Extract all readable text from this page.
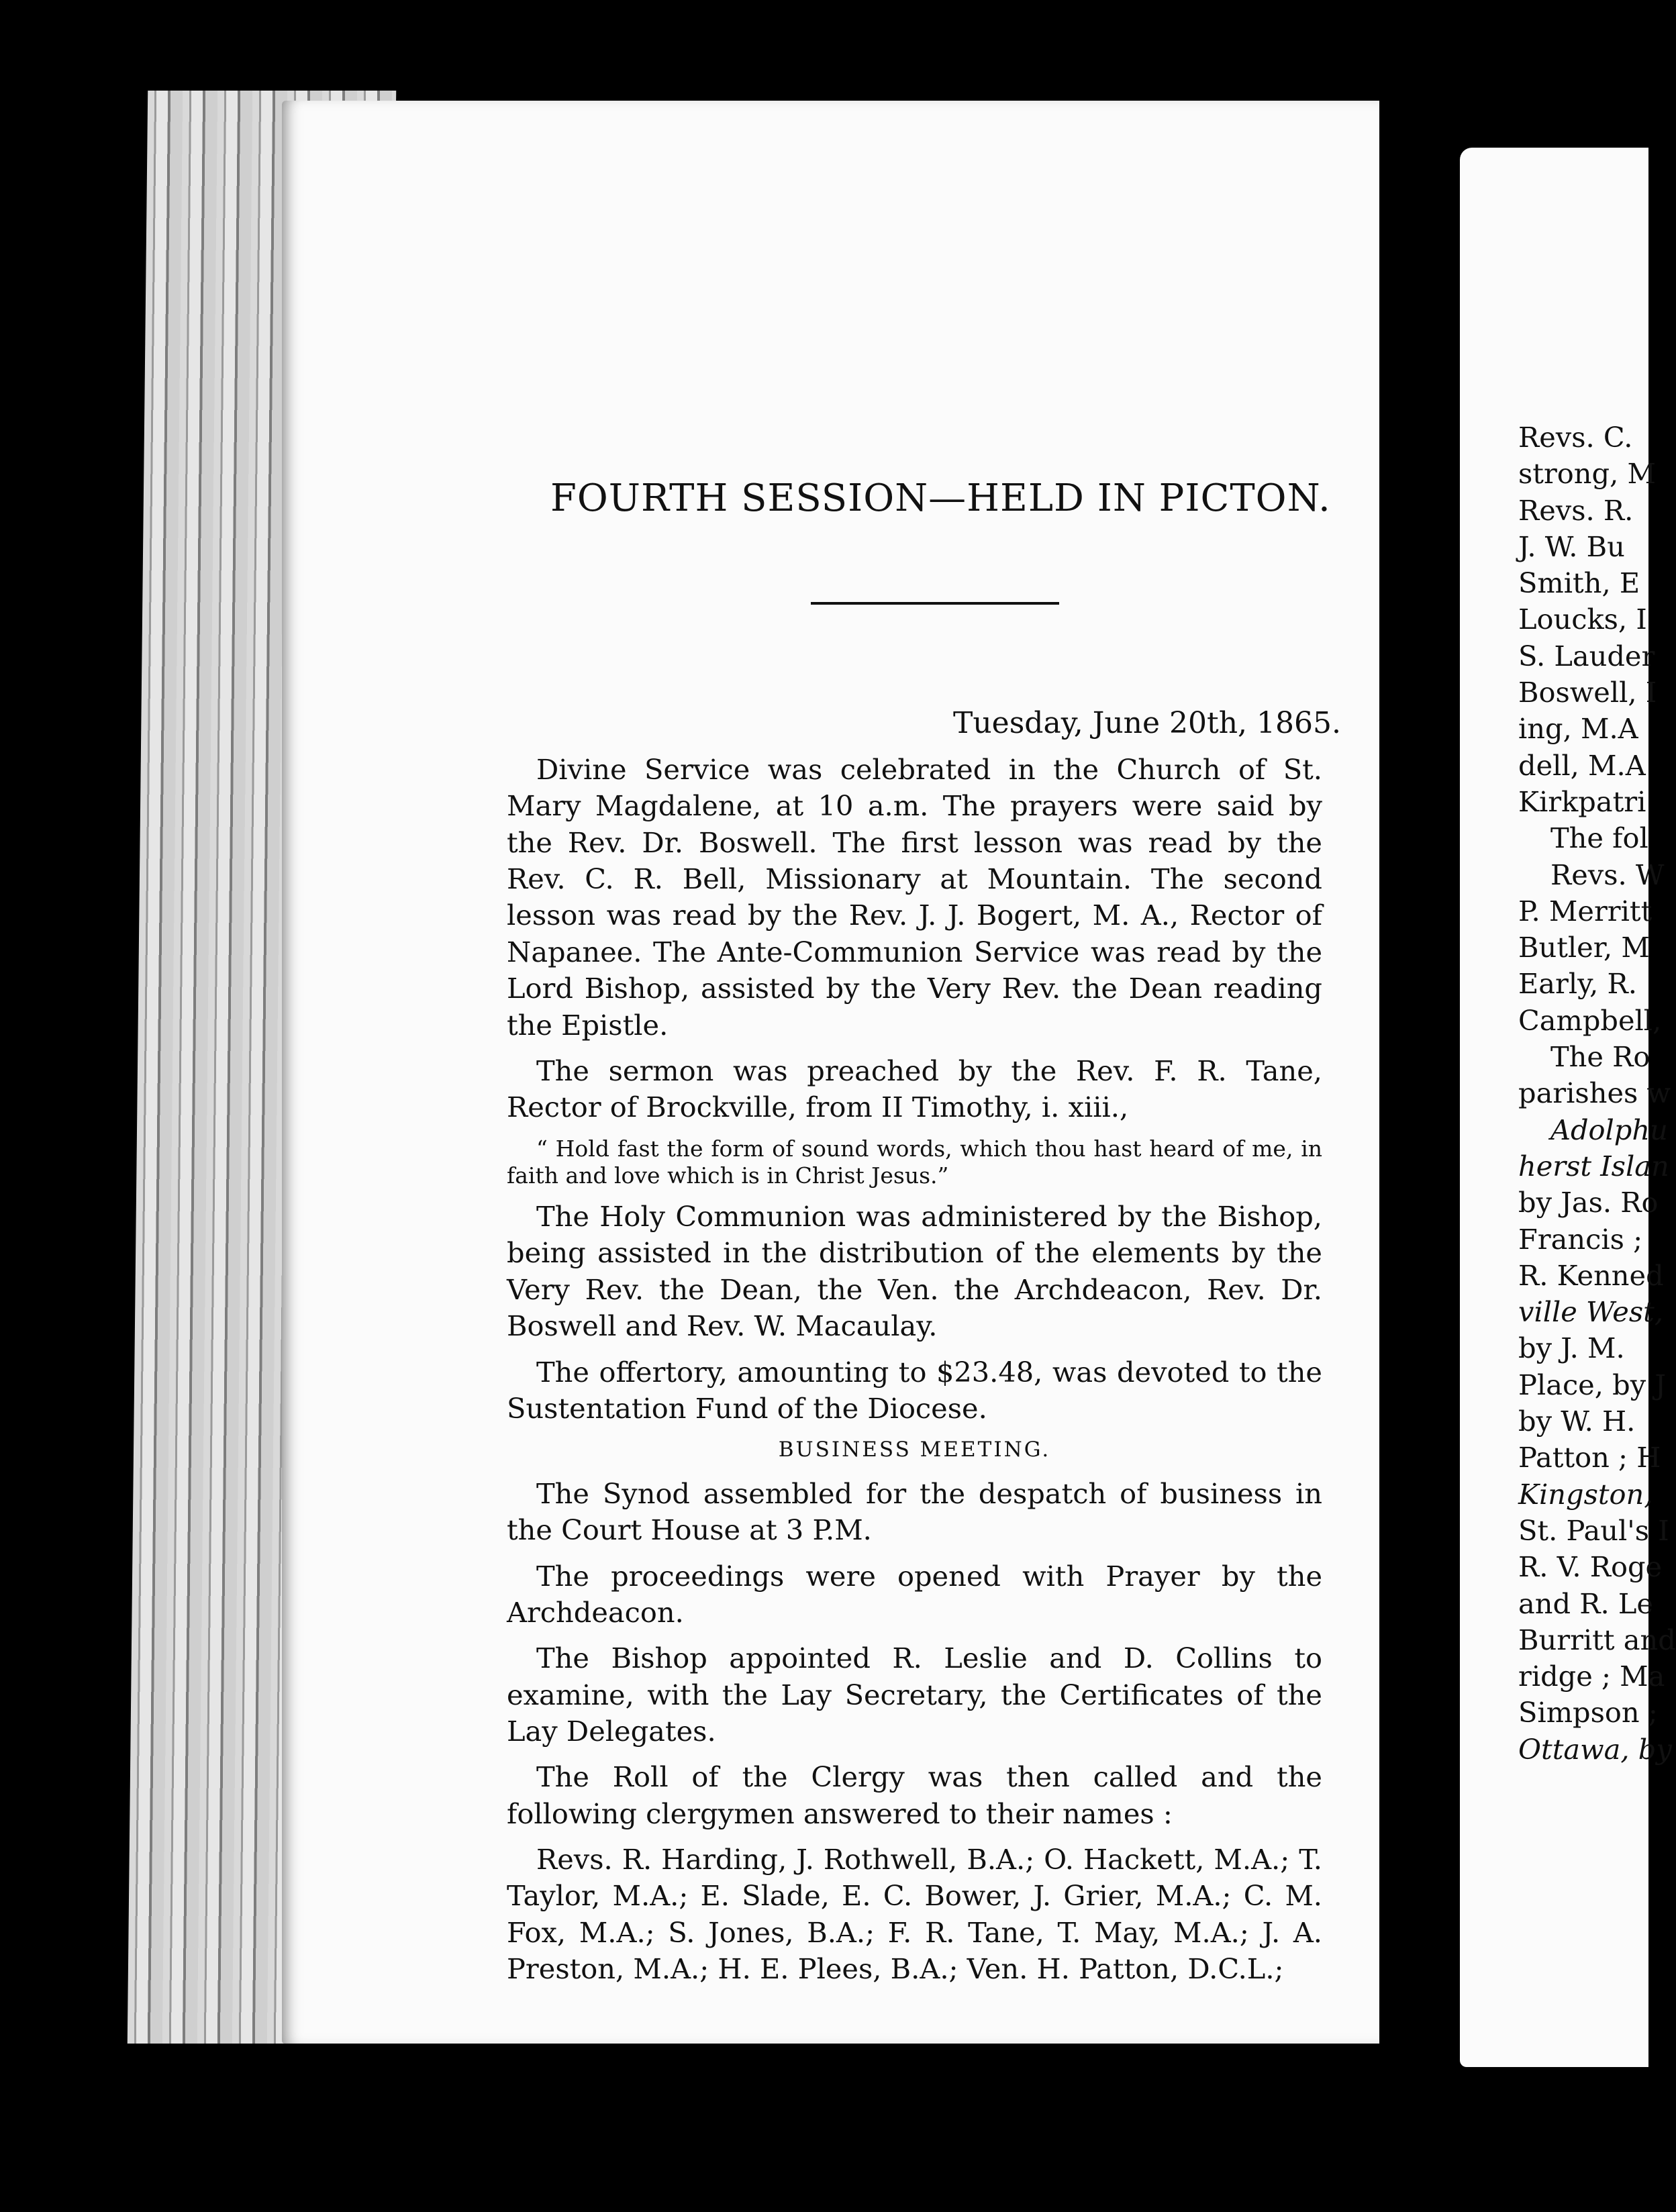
FOURTH SESSION—HELD IN PICTON.
Tuesday, June 20th, 1865.

Divine Service was celebrated in the Church of St. Mary Magdalene, at 10 a.m. The prayers were said by the Rev. Dr. Boswell. The first lesson was read by the Rev. C. R. Bell, Missionary at Mountain. The second lesson was read by the Rev. J. J. Bogert, M. A., Rector of Napanee. The Ante-Communion Service was read by the Lord Bishop, assisted by the Very Rev. the Dean reading the Epistle.

The sermon was preached by the Rev. F. R. Tane, Rector of Brockville, from II Timothy, i. xiii.,

“ Hold fast the form of sound words, which thou hast heard of me, in faith and love which is in Christ Jesus.”

The Holy Communion was administered by the Bishop, being assisted in the distribution of the elements by the Very Rev. the Dean, the Ven. the Archdeacon, Rev. Dr. Boswell and Rev. W. Macaulay.

The offertory, amounting to $23.48, was devoted to the Sustentation Fund of the Diocese.

BUSINESS MEETING.

The Synod assembled for the despatch of business in the Court House at 3 P.M.

The proceedings were opened with Prayer by the Archdeacon.

The Bishop appointed R. Leslie and D. Collins to examine, with the Lay Secretary, the Certificates of the Lay Delegates.

The Roll of the Clergy was then called and the following clergymen answered to their names :

Revs. R. Harding, J. Rothwell, B.A.; O. Hackett, M.A.; T. Taylor, M.A.; E. Slade, E. C. Bower, J. Grier, M.A.; C. M. Fox, M.A.; S. Jones, B.A.; F. R. Tane, T. May, M.A.; J. A. Preston, M.A.; H. E. Plees, B.A.; Ven. H. Patton, D.C.L.;

Revs. C.
strong, M
Revs. R.
J. W. Bu
Smith, E
Loucks, I
S. Lauder
Boswell, I
ing, M.A
dell, M.A
Kirkpatri
The fol
Revs. W
P. Merritt
Butler, M
Early, R.
Campbell,
The Ro
parishes w
Adolphu
herst Islan
by Jas. Ro
Francis ;
R. Kenned
ville West,
by J. M.
Place, by J
by W. H.
Patton ; H
Kingston,
St. Paul's I
R. V. Roge
and R. Le
Burritt and
ridge ; Ma
Simpson ;
Ottawa, by
